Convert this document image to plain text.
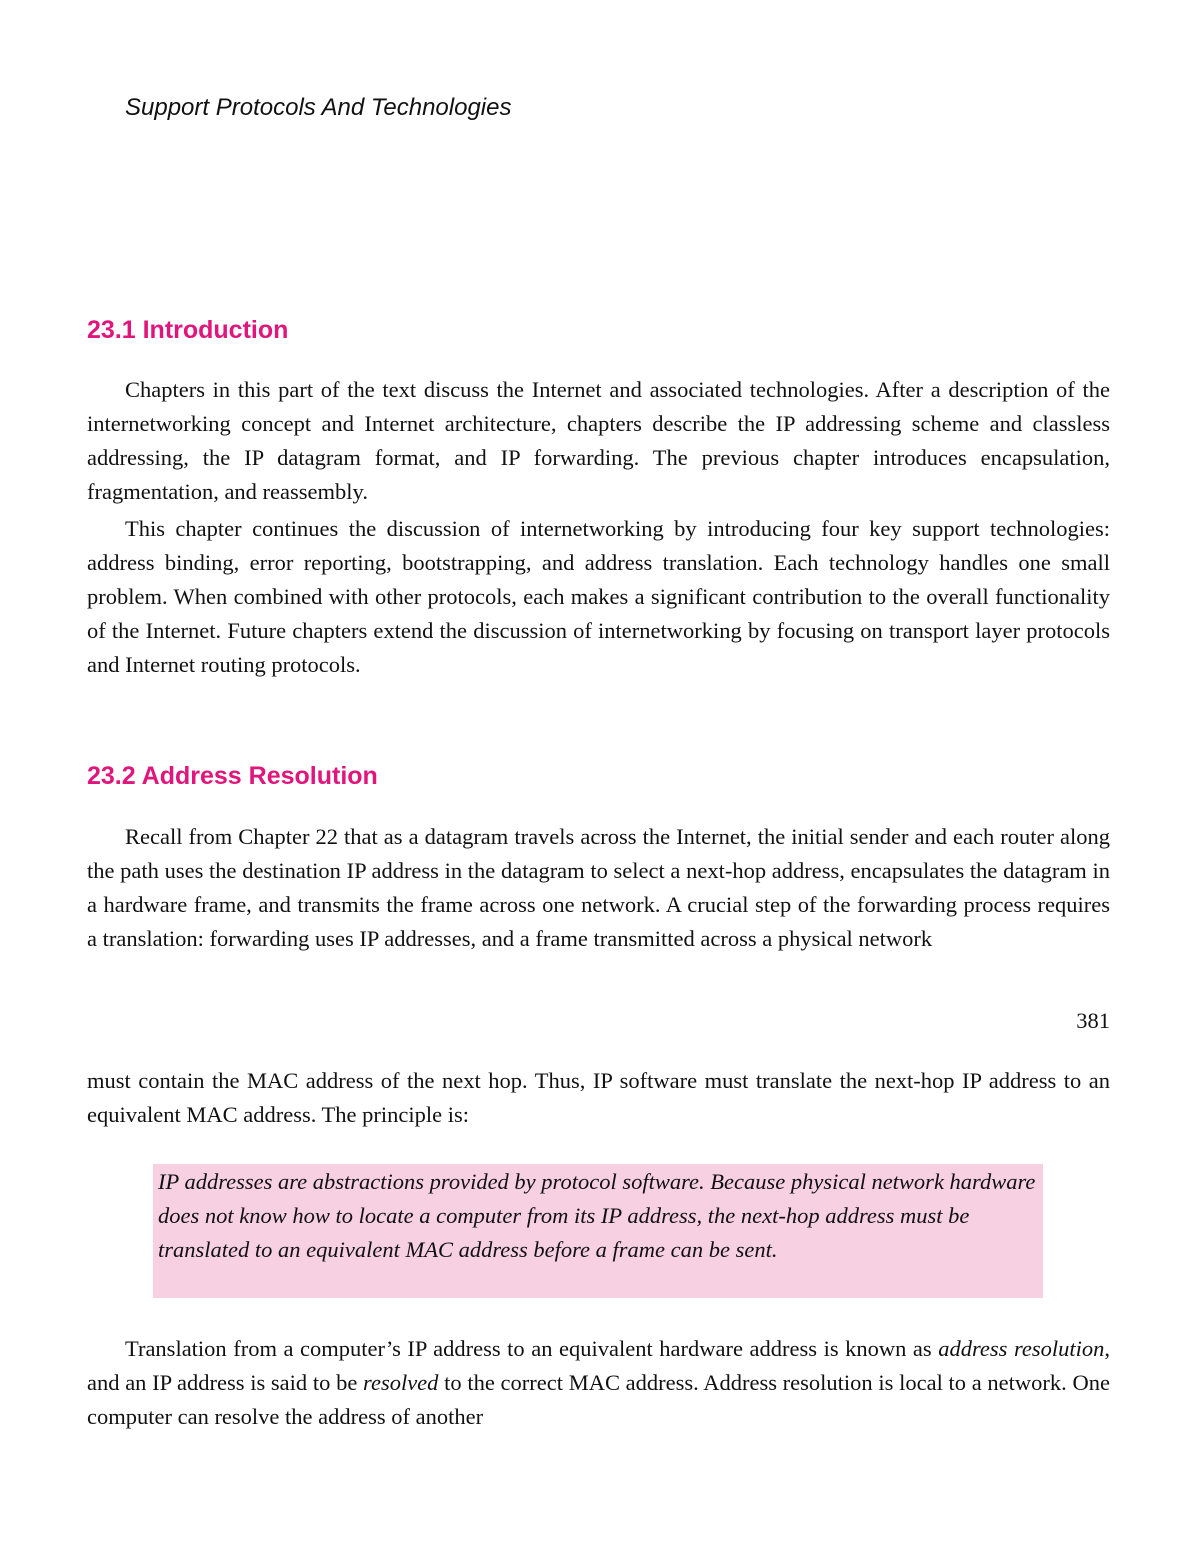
Support Protocols And Technologies
23.1 Introduction

Chapters in this part of the text discuss the Internet and associated technologies. After a description of the internetworking concept and Internet architecture, chapters describe the IP addressing scheme and classless addressing, the IP datagram format, and IP forwarding. The previous chapter introduces encapsulation, fragmentation, and reassembly.

This chapter continues the discussion of internetworking by introducing four key support technologies: address binding, error reporting, bootstrapping, and address translation. Each technology handles one small problem. When combined with other protocols, each makes a significant contribution to the overall functionality of the Internet. Future chapters extend the discussion of internetworking by focusing on transport layer protocols and Internet routing protocols.

23.2 Address Resolution

Recall from Chapter 22 that as a datagram travels across the Internet, the initial sender and each router along the path uses the destination IP address in the datagram to select a next-hop address, encapsulates the datagram in a hardware frame, and transmits the frame across one network. A crucial step of the forwarding process requires a translation: forwarding uses IP addresses, and a frame transmitted across a physical network

381

must contain the MAC address of the next hop. Thus, IP software must translate the next-hop IP address to an equivalent MAC address. The principle is:

IP addresses are abstractions provided by protocol software. Because physical network hardware does not know how to locate a computer from its IP address, the next-hop address must be translated to an equivalent MAC address before a frame can be sent.

Translation from a computer’s IP address to an equivalent hardware address is known as address resolution, and an IP address is said to be resolved to the correct MAC address. Address resolution is local to a network. One computer can resolve the address of another
